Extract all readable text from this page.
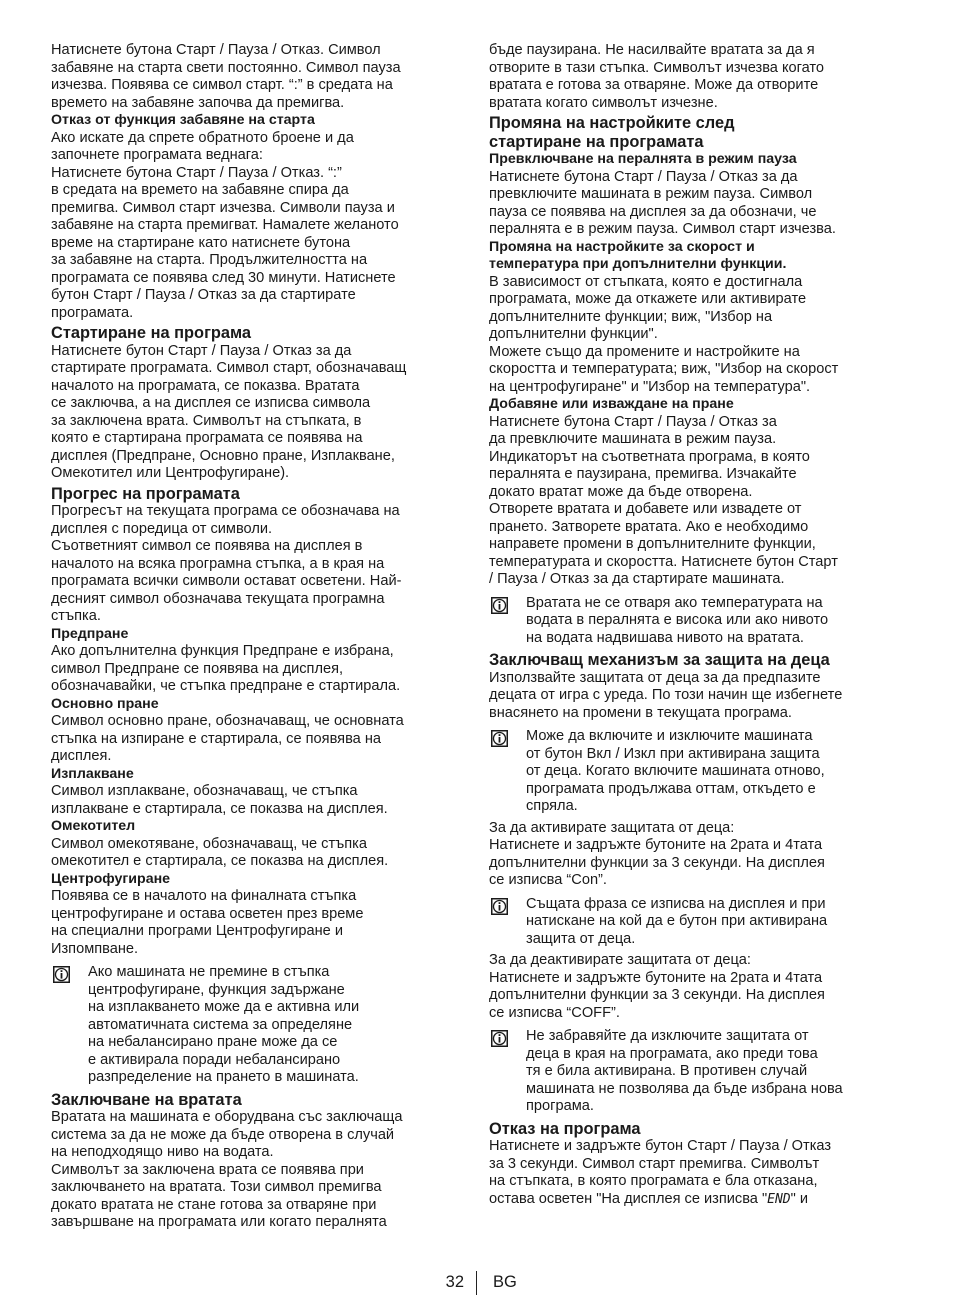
Натиснете бутона Старт / Пауза / Отказ. Символ
забавяне на старта свети постоянно. Символ пауза
изчезва. Появява се символ старт. “:” в средата на
времето на забавяне започва да премигва.

Отказ от функция забавяне на старта

Ако искате да спрете обратното броене и да
започнете програмата веднага:
Натиснете бутона Старт / Пауза / Отказ. “:”
в средата на времето на забавяне спира да
премигва. Символ старт изчезва. Символи пауза и
забавяне на старта премигват. Намалете желаното
време на стартиране като натиснете бутона
за забавяне на старта. Продължителността на
програмата се появява след 30 минути. Натиснете
бутон Старт / Пауза / Отказ за да стартирате
програмата.

Стартиране на програма

Натиснете бутон Старт / Пауза / Отказ за да
стартирате програмата. Символ старт, обозначаващ
началото на програмата, се показва. Вратата
се заключва, а на дисплея се изписва символа
за заключена врата. Символът на стъпката, в
която е стартирана програмата се появява на
дисплея (Предпране, Основно пране, Изплакване,
Омекотител или Центрофугиране).

Прогрес на програмата

Прогресът на текущата програма се обозначава на
дисплея с поредица от символи.
Съответният символ се появява на дисплея в
началото на всяка програмна стъпка, а в края на
програмата всички символи остават осветени. Най-
десният символ обозначава текущата програмна
стъпка.

Предпране

Ако допълнителна функция Предпране е избрана,
символ Предпране се появява на дисплея,
обозначавайки, че стъпка предпране е стартирала.

Основно пране

Символ основно пране, обозначаващ, че основната
стъпка на изпиране е стартирала, се появява на
дисплея.

Изплакване

Символ изплакване, обозначаващ, че стъпка
изплакване е стартирала, се показва на дисплея.

Омекотител

Символ омекотяване, обозначаващ, че стъпка
омекотител е стартирала, се показва на дисплея.

Центрофугиране

Появява се в началото на финалната стъпка
центрофугиране и остава осветен през време
на специални програми Центрофугиране и
Изпомпване.

Ако машината не премине в стъпка
центрофугиране, функция задържане
на изплакването може да е активна или
автоматичната система за определяне
на небалансирано пране може да се
е активирала поради небалансирано
разпределение на прането в машината.

Заключване на вратата

Вратата на машината е оборудвана със заключаща
система за да не може да бъде отворена в случай
на неподходящо ниво на водата.
Символът за заключена врата се появява при
заключването на вратата. Този символ премигва
докато вратата не стане готова за отваряне при
завършване на програмата или когато пералнята

бъде паузирана. Не насилвайте вратата за да я
отворите в тази стъпка. Символът изчезва когато
вратата е готова за отваряне. Може да отворите
вратата когато символът изчезне.

Промяна на настройките след
стартиране на програмата

Превключване на пералнята в режим пауза

Натиснете бутона Старт / Пауза / Отказ за да
превключите машината в режим пауза. Символ
пауза се появява на дисплея за да обозначи, че
пералнята е в режим пауза. Символ старт изчезва.

Промяна на настройките за скорост и
температура при допълнителни функции.

В зависимост от стъпката, която е достигнала
програмата, може да откажете или активирате
допълнителните функции; виж, "Избор на
допълнителни функции".
Можете също да промените и настройките на
скоростта и температурата; виж, "Избор на скорост
на центрофугиране" и "Избор на температура".

Добавяне или изваждане на пране

Натиснете бутона Старт / Пауза / Отказ за
да превключите машината в режим пауза.
Индикаторът на съответната програма, в която
пералнята е паузирана, премигва. Изчакайте
докато вратат може да бъде отворена.
Отворете вратата и добавете или извадете от
прането. Затворете вратата. Ако е необходимо
направете промени в допълнителните функции,
температурата и скоростта. Натиснете бутон Старт
/ Пауза / Отказ за да стартирате машината.

Вратата не се отваря ако температурата на
водата в пералнята е висока или ако нивото
на водата надвишава нивото на вратата.

Заключващ механизъм за защита на деца

Използвайте защитата от деца за да предпазите
децата от игра с уреда. По този начин ще избегнете
внасянето на промени в текущата програма.

Може да включите и изключите машината
от бутон Вкл / Изкл при активирана защита
от деца. Когато включите машината отново,
програмата продължава оттам, откъдето е
спряла.

За да активирате защитата от деца:
Натиснете и задръжте бутоните на 2рата и 4тата
допълнителни функции за 3 секунди. На дисплея
се изписва “Con”.

Същата фраза се изписва на дисплея и при
натискане на кой да е бутон при активирана
защита от деца.

За да деактивирате защитата от деца:
Натиснете и задръжте бутоните на 2рата и 4тата
допълнителни функции за 3 секунди. На дисплея
се изписва “COFF”.

Не забравяйте да изключите защитата от
деца в края на програмата, ако преди това
тя е била активирана. В противен случай
машината не позволява да бъде избрана нова
програма.

Отказ на програма

Натиснете и задръжте бутон Старт / Пауза / Отказ
за 3 секунди. Символ старт премигва. Символът
на стъпката, в която програмата е бла отказана,
остава осветен "На дисплея се изписва "END" и

32 BG
